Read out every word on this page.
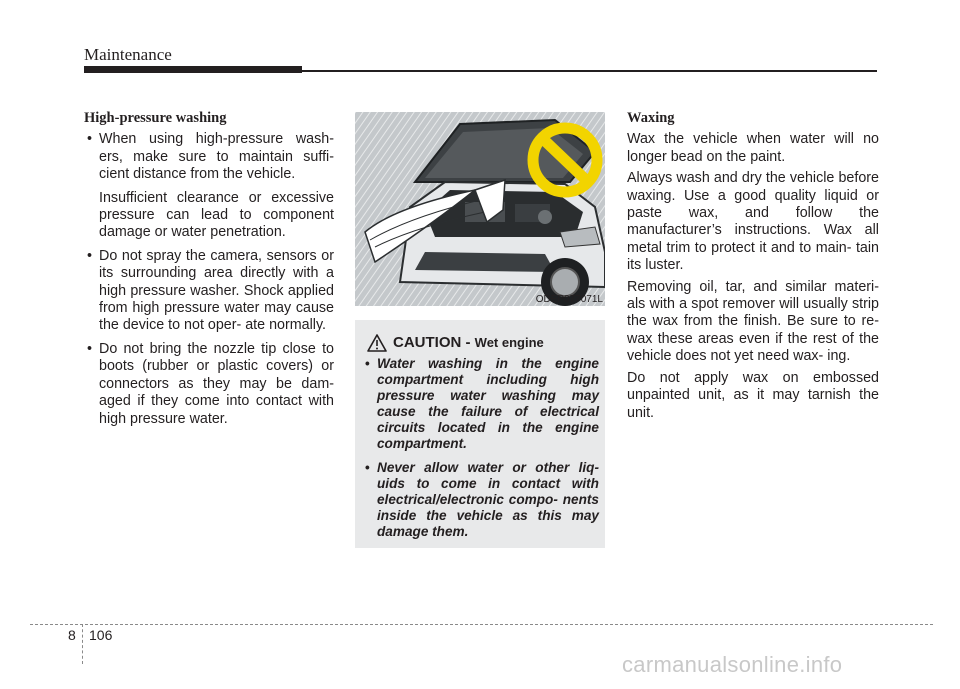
Maintenance
High-pressure washing
• When using high-pressure wash- ers, make sure to maintain suffi- cient distance from the vehicle.
Insufficient clearance or excessive pressure can lead to component damage or water penetration.
• Do not spray the camera, sensors or its surrounding area directly with a high pressure washer. Shock applied from high pressure water may cause the device to not oper- ate normally.
• Do not bring the nozzle tip close to boots (rubber or plastic covers) or connectors as they may be dam- aged if they come into contact with high pressure water.
ODEP077071L
CAUTION - Wet engine
• Water washing in the engine compartment including high pressure water washing may cause the failure of electrical circuits located in the engine compartment.
• Never allow water or other liq- uids to come in contact with electrical/electronic compo- nents inside the vehicle as this may damage them.
Waxing
Wax the vehicle when water will no longer bead on the paint.
Always wash and dry the vehicle before waxing. Use a good quality liquid or paste wax, and follow the manufacturer’s instructions. Wax all metal trim to protect it and to main- tain its luster.
Removing oil, tar, and similar materi- als with a spot remover will usually strip the wax from the finish. Be sure to re-wax these areas even if the rest of the vehicle does not yet need wax- ing.
Do not apply wax on embossed unpainted unit, as it may tarnish the unit.
8 106
carmanualsonline.info
